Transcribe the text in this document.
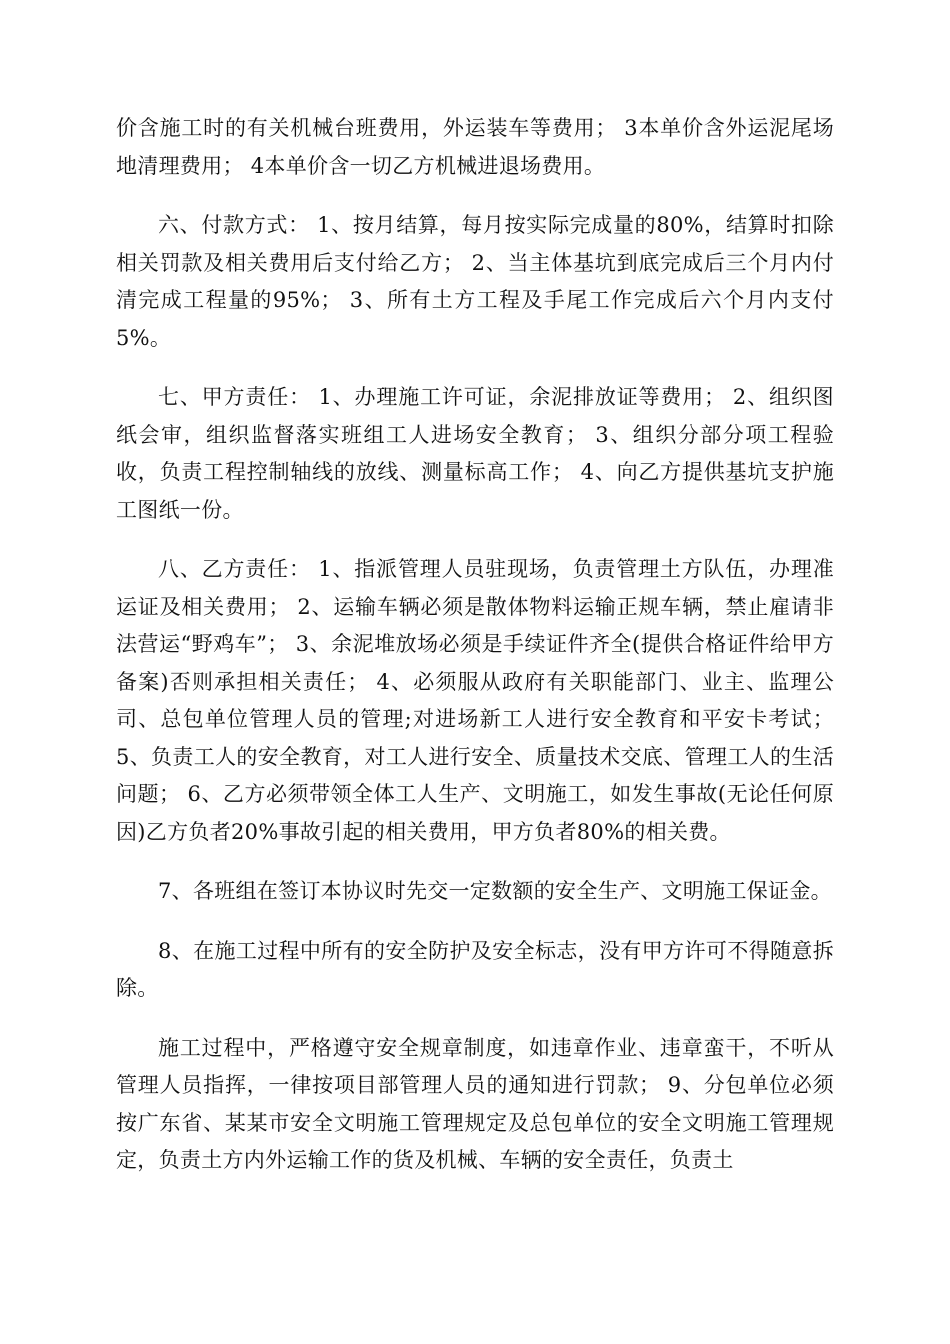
价含施工时的有关机械台班费用，外运装车等费用； 3本单价含外运泥尾场地清理费用； 4本单价含一切乙方机械进退场费用。

六、付款方式： 1、按月结算，每月按实际完成量的80%，结算时扣除相关罚款及相关费用后支付给乙方； 2、当主体基坑到底完成后三个月内付清完成工程量的95%； 3、所有土方工程及手尾工作完成后六个月内支付5%。

七、甲方责任： 1、办理施工许可证，余泥排放证等费用； 2、组织图纸会审，组织监督落实班组工人进场安全教育； 3、组织分部分项工程验收，负责工程控制轴线的放线、测量标高工作； 4、向乙方提供基坑支护施工图纸一份。

八、乙方责任： 1、指派管理人员驻现场，负责管理土方队伍，办理准运证及相关费用； 2、运输车辆必须是散体物料运输正规车辆，禁止雇请非法营运“野鸡车”； 3、余泥堆放场必须是手续证件齐全(提供合格证件给甲方备案)否则承担相关责任； 4、必须服从政府有关职能部门、业主、监理公司、总包单位管理人员的管理;对进场新工人进行安全教育和平安卡考试； 5、负责工人的安全教育，对工人进行安全、质量技术交底、管理工人的生活问题； 6、乙方必须带领全体工人生产、文明施工，如发生事故(无论任何原因)乙方负者20%事故引起的相关费用，甲方负者80%的相关费。

7、各班组在签订本协议时先交一定数额的安全生产、文明施工保证金。

8、在施工过程中所有的安全防护及安全标志，没有甲方许可不得随意拆除。

施工过程中，严格遵守安全规章制度，如违章作业、违章蛮干，不听从管理人员指挥，一律按项目部管理人员的通知进行罚款； 9、分包单位必须按广东省、某某市安全文明施工管理规定及总包单位的安全文明施工管理规定，负责土方内外运输工作的货及机械、车辆的安全责任，负责土
